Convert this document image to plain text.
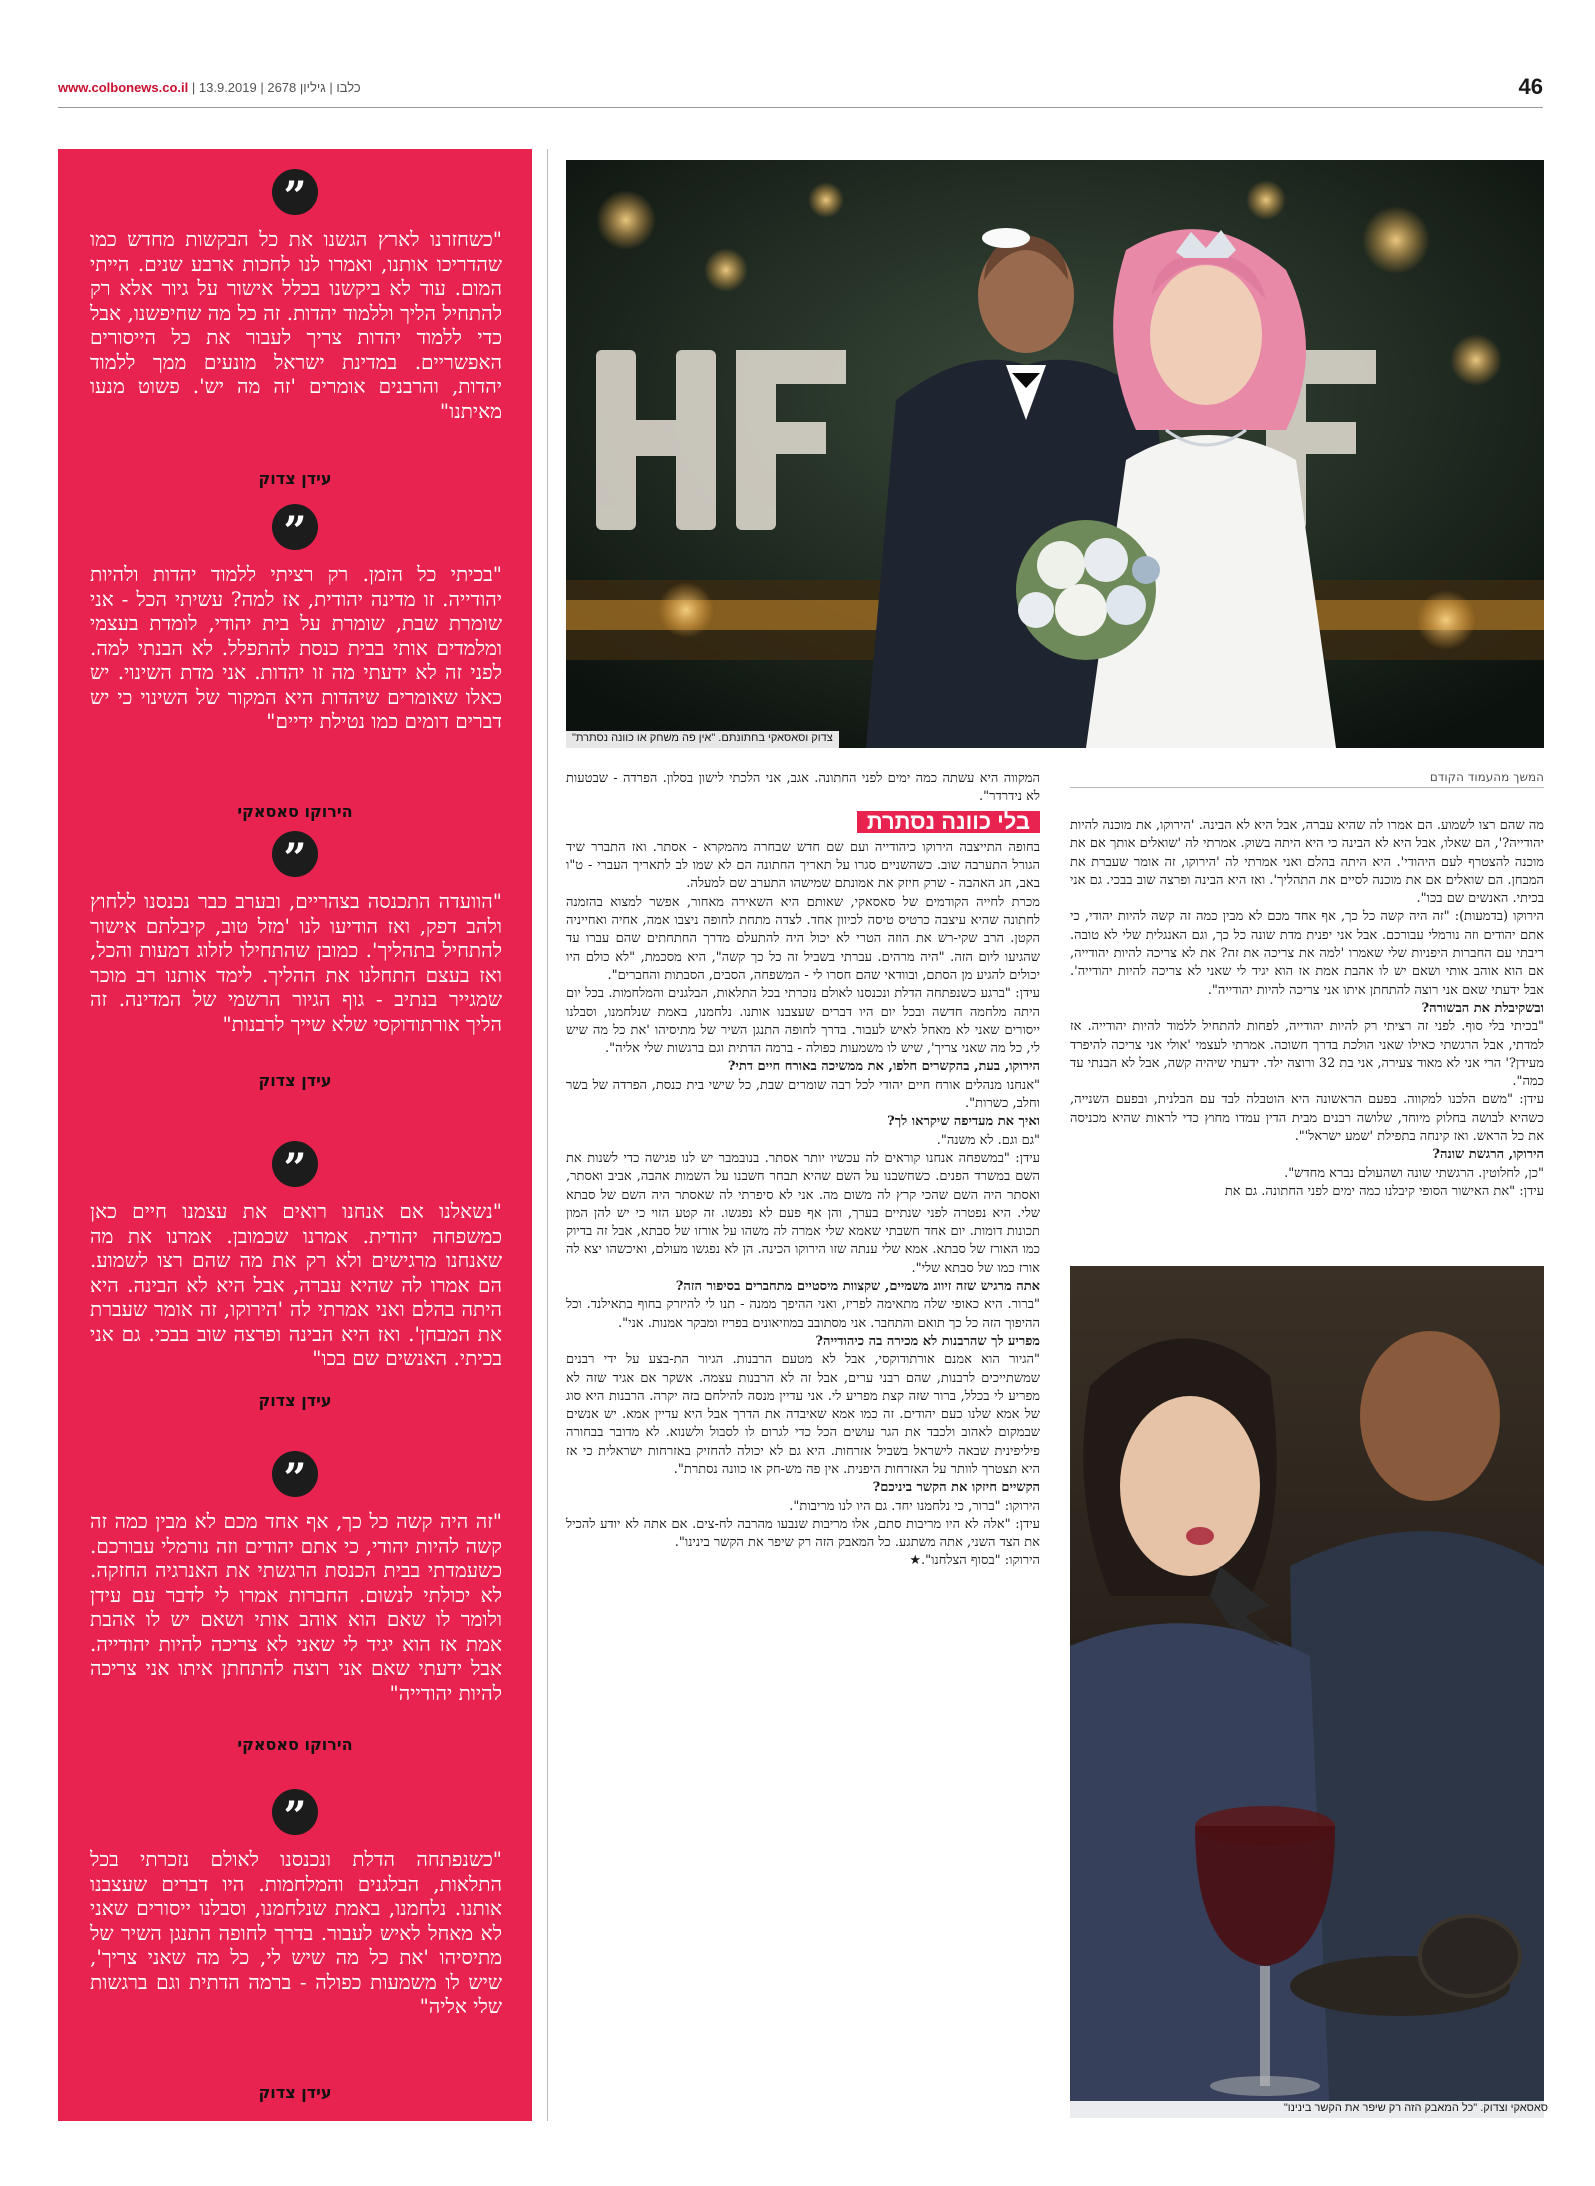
www.colbonews.co.il | כלבו | גיליון 2678 | 13.9.2019	46
”
"כשחזרנו לארץ הגשנו את כל הבקשות מחדש כמו שהדריכו אותנו, ואמרו לנו לחכות ארבע שנים. הייתי המום. עוד לא ביקשנו בכלל אישור על גיור אלא רק להתחיל הליך וללמוד יהדות. זה כל מה שחיפשנו, אבל כדי ללמוד יהדות צריך לעבור את כל הייסורים האפשריים. במדינת ישראל מונעים ממך ללמוד יהדות, והרבנים אומרים 'זה מה יש'. פשוט מנעו מאיתנו"
עידן צדוק
”
"בכיתי כל הזמן. רק רציתי ללמוד יהדות ולהיות יהודייה. זו מדינה יהודית, אז למה? עשיתי הכל - אני שומרת שבת, שומרת על בית יהודי, לומדת בעצמי ומלמדים אותי בבית כנסת להתפלל. לא הבנתי למה. לפני זה לא ידעתי מה זו יהדות. אני מדת השינוי. יש כאלו שאומרים שיהדות היא המקור של השינוי כי יש דברים דומים כמו נטילת ידיים"
הירוקו סאסאקי
”
"הוועדה התכנסה בצהריים, ובערב כבר נכנסנו ללחוץ ולהב דפק, ואז הודיעו לנו 'מזל טוב, קיבלתם אישור להתחיל בתהליך'. כמובן שהתחילו לזלוג דמעות והכל, ואז בעצם התחלנו את ההליך. לימד אותנו רב מוכר שמגייר בנתיב - גוף הגיור הרשמי של המדינה. זה הליך אורתודוקסי שלא שייך לרבנות"
עידן צדוק
”
"נשאלנו אם אנחנו רואים את עצמנו חיים כאן כמשפחה יהודית. אמרנו שכמובן. אמרנו את מה שאנחנו מרגישים ולא רק את מה שהם רצו לשמוע. הם אמרו לה שהיא עברה, אבל היא לא הבינה. היא היתה בהלם ואני אמרתי לה 'הירוקו, זה אומר שעברת את המבחן'. ואז היא הבינה ופרצה שוב בבכי. גם אני בכיתי. האנשים שם בכו"
עידן צדוק
”
"זה היה קשה כל כך, אף אחד מכם לא מבין כמה זה קשה להיות יהודי, כי אתם יהודים וזה נורמלי עבורכם. כשעמדתי בבית הכנסת הרגשתי את האנרגיה החזקה. לא יכולתי לנשום. החברות אמרו לי לדבר עם עידן ולומר לו שאם הוא אוהב אותי ושאם יש לו אהבת אמת אז הוא יגיד לי שאני לא צריכה להיות יהודייה. אבל ידעתי שאם אני רוצה להתחתן איתו אני צריכה להיות יהודייה"
הירוקו סאסאקי
”
"כשנפתחה הדלת ונכנסנו לאולם נזכרתי בכל התלאות, הבלגנים והמלחמות. היו דברים שעצבנו אותנו. נלחמנו, באמת שנלחמנו, וסבלנו ייסורים שאני לא מאחל לאיש לעבור. בדרך לחופה התנגן השיר של מתיסיהו 'את כל מה שיש לי, כל מה שאני צריך', שיש לו משמעות כפולה - ברמה הדתית וגם ברגשות שלי אליה"
עידן צדוק
צדוק וסאסאקי בחתונתם. "אין פה משחק או כוונה נסתרת"
המשך מהעמוד הקודם

מה שהם רצו לשמוע. הם אמרו לה שהיא עברה, אבל היא לא הבינה. 'הירוקו, את מוכנה להיות יהודייה?', הם שאלו, אבל היא לא הבינה כי היא היתה בשוק. אמרתי לה 'שואלים אותך אם את מוכנה להצטרף לעם היהודי'. היא היתה בהלם ואני אמרתי לה 'הירוקו, זה אומר שעברת את המבחן. הם שואלים אם את מוכנה לסיים את התהליך'. ואז היא הבינה ופרצה שוב בבכי. גם אני בכיתי. האנשים שם בכו".

הירוקו (בדמעות): "זה היה קשה כל כך, אף אחד מכם לא מבין כמה זה קשה להיות יהודי, כי אתם יהודים וזה נורמלי עבורכם. אבל אני יפנית מדת שונה כל כך, וגם האנגלית שלי לא טובה. ריבתי עם החברות היפניות שלי שאמרו 'למה את צריכה את זה? את לא צריכה להיות יהודייה, אם הוא אוהב אותי ושאם יש לו אהבת אמת אז הוא יגיד לי שאני לא צריכה להיות יהודייה'. אבל ידעתי שאם אני רוצה להתחתן איתו אני צריכה להיות יהודייה".

ובשקיבלת את הבשורה?

"בכיתי בלי סוף. לפני זה רציתי רק להיות יהודייה, לפחות להתחיל ללמוד להיות יהודייה. אז למדתי, אבל הרגשתי כאילו שאני הולכת בדרך חשוכה. אמרתי לעצמי 'אולי אני צריכה להיפרד מעידן?' הרי אני לא מאוד צעירה, אני בת 32 ורוצה ילד. ידעתי שיהיה קשה, אבל לא הבנתי עד כמה".

עידן: "משם הלכנו למקווה. בפעם הראשונה היא הוטבלה לבד עם הבלנית, ובפעם השנייה, כשהיא לבושה בחלוק מיוחד, שלושה רבנים מבית הדין עמדו מחוץ כדי לראות שהיא מכניסה את כל הראש. ואז קינחה בתפילת 'שמע ישראל'".

הירוקו, הרגשת שונה?

"כן, לחלוטין. הרגשתי שונה ושהעולם נברא מחדש".

עידן: "את האישור הסופי קיבלנו כמה ימים לפני החתונה. גם את

המקווה היא עשתה כמה ימים לפני החתונה. אגב, אני הלכתי לישון בסלון. הפרדה - שבטעות לא נידרדר".

בלי כוונה נסתרת

בחופה התייצבה הירוקו כיהודייה ועם שם חדש שבחרה מהמקרא - אסתר. ואז התברר שיד הגורל התערבה שוב. כשהשניים סגרו על תאריך החתונה הם לא שמו לב לתאריך העברי - ט"ו באב, חג האהבה - שרק חיזק את אמונתם שמישהו התערב שם למעלה.

מכרת לחייה הקודמים של סאסאקי, שאותם היא השאירה מאחור, אפשר למצוא בהזמנה לחתונה שהיא עיצבה כרטיס טיסה לכיוון אחד. לצדה מתחת לחופה ניצבו אמה, אחיה ואחייניה הקטן. הרב שקי-רש את הוזה הטרי לא יכול היה להתעלם מדרך החתחתים שהם עברו עד שהגיעו ליום הזה. "היה מרהים. עברתי בשביל זה כל כך קשה", היא מסכמת, "לא כולם היו יכולים להגיע מן הסתם, ובוודאי שהם חסרו לי - המשפחה, הסבים, הסבתות והחברים".

עידן: "ברגע כשנפתחה הדלת ונכנסנו לאולם נזכרתי בכל התלאות, הבלגנים והמלחמות. בכל יום היתה מלחמה חדשה ובכל יום היו דברים שעצבנו אותנו. נלחמנו, באמת שנלחמנו, וסבלנו ייסורים שאני לא מאחל לאיש לעבור. בדרך לחופה התנגן השיר של מתיסיהו 'את כל מה שיש לי, כל מה שאני צריך', שיש לו משמעות כפולה - ברמה הדתית וגם ברגשות שלי אליה".

הירוקו, בעת, בהקשרים חלפו, את ממשיכה באורח חיים דתי?

"אנחנו מנהלים אורח חיים יהודי לכל רבה שומרים שבת, כל שישי בית כנסת, הפרדה של בשר וחלב, כשרות".

ואיך את מעדיפה שיקראו לך?

"גם וגם. לא משנה".

עידן: "במשפחה אנחנו קוראים לה עכשיו יותר אסתר. בנובמבר יש לנו פגישה כדי לשנות את השם במשרד הפנים. כשחשבנו על השם שהיא תבחר חשבנו על השמות אהבה, אביב ואסתר, ואסתר היה השם שהכי קרץ לה משום מה. אני לא סיפרתי לה שאסתר היה השם של סבתא שלי. היא נפטרה לפני שנתיים בערך, והן אף פעם לא נפגשו. זה קטע הזוי כי יש להן המון תכונות דומות. יום אחד חשבתי שאמא שלי אמרה לה משהו על אורזו של סבתא, אבל זה בדיוק כמו האורז של סבתא. אמא שלי ענתה שזו הירוקו הכינה. הן לא נפגשו מעולם, ואיכשהו יצא לה אורז כמו של סבתא שלי".

אתה מרגיש שזה זיווג משמיים, שקצוות מיסטיים מתחברים בסיפור הזה?

"ברור. היא כאופי שלה מתאימה לפריז, ואני ההיפך ממנה - תנו לי להיזרק בחוף בתאילנד. וכל ההיפוך הזה כל כך תואם והתחבר. אני מסתובב במוזיאונים בפריז ומבקר אמנות. אני".

מפריע לך שהרבנות לא מכירה בה כיהודייה?

"הגיור הוא אמנם אורתודוקסי, אבל לא מטעם הרבנות. הגיור הת-בצע על ידי רבנים שמשתייכים לרבנות, שהם רבני ערים, אבל זה לא הרבנות עצמה. אשקר אם אגיד שזה לא מפריע לי בכלל, ברור שזה קצת מפריע לי. אני עדיין מנסה להילחם בזה יקרה. הרבנות היא סוג של אמא שלנו כעם יהודים. זה כמו אמא שאיבדה את הדרך אבל היא עדיין אמא. יש אנשים שבמקום לאהוב ולכבד את הגר עושים הכל כדי לגרום לו לסבול ולשנוא. לא מדובר בבחורה פיליפינית שבאה לישראל בשביל אזרחות. היא גם לא יכולה להחזיק באזרחות ישראלית כי אז היא תצטרך לוותר על האזרחות היפנית. אין פה מש-חק או כוונה נסתרת".

הקשיים חיזקו את הקשר ביניכם?

הירוקו: "ברור, כי נלחמנו יחד. גם היו לנו מריבות".

עידן: "אלה לא היו מריבות סתם, אלו מריבות שנבעו מהרבה לח-צים. אם אתה לא יודע להכיל את הצד השני, אתה משתגע. כל המאבק הזה רק שיפר את הקשר בינינו".

הירוקו: "בסוף הצלחנו".★

סאסאקי וצדוק. "כל המאבק הזה רק שיפר את הקשר בינינו"
